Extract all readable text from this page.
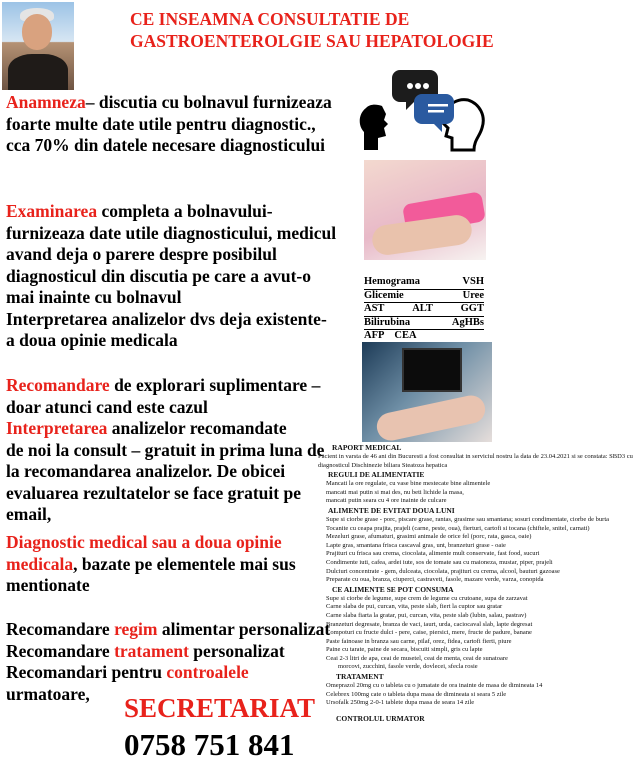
CE INSEAMNA CONSULTATIE DE
GASTROENTEROLGIE SAU HEPATOLOGIE
Anamneza– discutia cu bolnavul furnizeaza
foarte multe date utile pentru diagnostic.,
cca 70% din datele necesare diagnosticului
Examinarea completa a bolnavului-
furnizeaza date utile diagnosticului, medicul
avand deja o parere despre posibilul
diagnosticul din discutia pe care a avut-o
mai inainte cu bolnavul
Interpretarea analizelor dvs deja existente-
a doua opinie medicala
Hemograma	VSH
Glicemie	Uree
AST	ALT	GGT
Bilirubina	AgHBs
AFP CEA
Recomandare de explorari suplimentare –
doar atunci cand este cazul
Interpretarea analizelor recomandate
de noi la consult – gratuit in prima luna de
la recomandarea analizelor. De obicei
evaluarea rezultatelor se face gratuit pe
email,
Diagnostic medical sau a doua opinie
medicala, bazate pe elementele mai sus
mentionate
Recomandare regim alimentar personalizat
Recomandare tratament personalizat
Recomandari pentru controalele
urmatoare,
RAPORT MEDICAL
Pacient in varsta de 46 ani din Bucuresti a fost consultat in serviciul nostru la data de 23.04.2021 si se constata: SBD3 cu diagnosticul Dischinezie biliara Steatoza hepatica
REGULI DE ALIMENTATIE
• Mancati la ore regulate, cu vase bine mestecate bine alimentele
• mancati mai putin si mai des, nu beti lichide la masa,
• mancati putin seara cu 4 ore inainte de culcare
ALIMENTE DE EVITAT DOUA LUNI
• Supe si ciorbe grase - porc, piscare grase, rantas, grasime sau smantana; sosuri condimentate, ciorbe de burta
• Tocanite cu ceapa prajita, prajeli (carne, peste, oua), fierturi, cartofi si tocana (chiftele, snitel, carnati)
• Mezeluri grase, afumaturi, grasimi animale de orice fel (porc, rata, gasca, oaie)
• Lapte gras, smantana frisca cascaval gras, unt, branzeturi grase - oaie
• Prajituri cu frisca sau crema, ciocolata, alimente mult conservate, fast food, sucuri
• Condimente iuti, cafea, ardei iute, sos de tomate sau cu maioneza, mustar, piper, prajeli
• Dulciuri concentrate - gem, dulceata, ciocolata, prajituri cu crema, alcool, bauturi gazoase
• Preparate cu oua, branza, ciuperci, castraveti, fasole, mazare verde, varza, conopida
CE ALIMENTE SE POT CONSUMA
• Supe si ciorbe de legume, supe crem de legume cu crutoane, supa de zarzavat
• Carne slaba de pui, curcan, vita, peste slab, fiert la cuptor sau gratar
• Carne slaba fiarta la gratar, pui, curcan, vita, peste slab (lubin, salau, pastrav)
• Branzeturi degresate, branza de vaci, iaurt, urda, caciocaval slab, lapte degresat
• Compoturi cu fructe dulci - pere, caise, piersici, mere, fructe de padure, banane
• Paste fainoase in branza sau carne, pilaf, orez, fidea, cartofi fierti, piure
• Paine cu tarate, paine de secara, biscuiti simpli, gris cu lapte
• Ceai 2-3 litri de apa, ceai de musetel, ceai de menta, ceai de sunatoare
morcovi, zucchini, fasole verde, dovlecei, sfecla rosie
TRATAMENT
• Omeprazol 20mg cu o tableta cu o jumatate de ora inainte de masa de dimineata 14
• Celebrex 100mg cate o tableta dupa masa de dimineata si seara 5 zile
• Ursofalk 250mg 2-0-1 tablete dupa masa de seara 14 zile
CONTROLUL URMATOR
SECRETARIAT
0758 751 841
